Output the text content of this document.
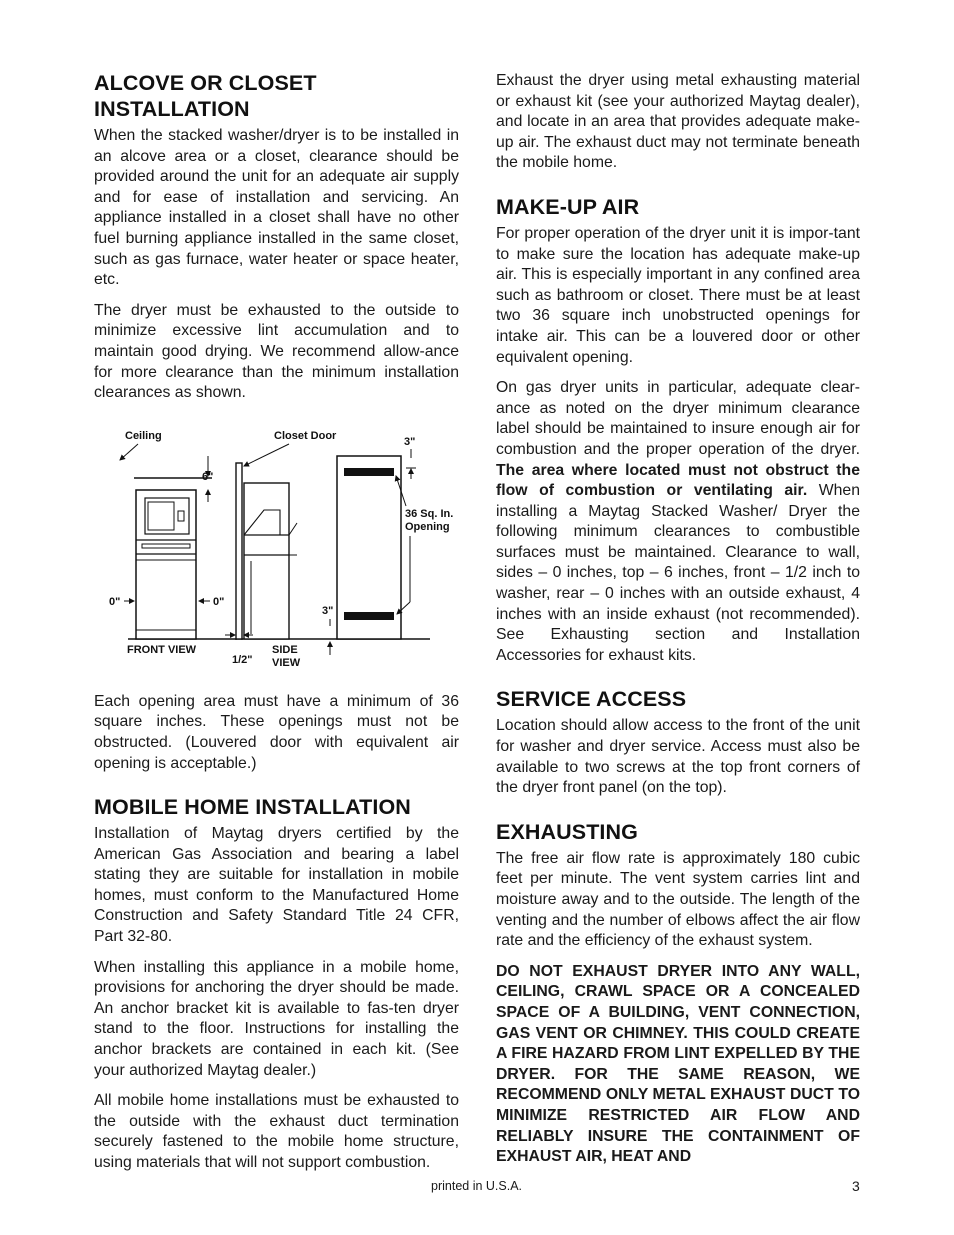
ALCOVE OR CLOSET
INSTALLATION

When the stacked washer/dryer is to be installed in an alcove area or a closet, clearance should be provided around the unit for an adequate air supply and for ease of installation and servicing. An appliance installed in a closet shall have no other fuel burning appliance installed in the same closet, such as gas furnace, water heater or space heater, etc.

The dryer must be exhausted to the outside to minimize excessive lint accumulation and to maintain good drying. We recommend allow-ance for more clearance than the minimum installation clearances as shown.

Ceiling
6"
0"	0"
FRONT VIEW
Closet Door
1/2"
SIDE
VIEW
3"
36 Sq. In.
Opening
3"

Each opening area must have a minimum of 36 square inches. These openings must not be obstructed. (Louvered door with equivalent air opening is acceptable.)

MOBILE HOME INSTALLATION

Installation of Maytag dryers certified by the American Gas Association and bearing a label stating they are suitable for installation in mobile homes, must conform to the Manufactured Home Construction and Safety Standard Title 24 CFR, Part 32-80.

When installing this appliance in a mobile home, provisions for anchoring the dryer should be made. An anchor bracket kit is available to fas-ten dryer stand to the floor. Instructions for installing the anchor brackets are contained in each kit. (See your authorized Maytag dealer.)

All mobile home installations must be exhausted to the outside with the exhaust duct termination securely fastened to the mobile home structure, using materials that will not support combustion.

Exhaust the dryer using metal exhausting material or exhaust kit (see your authorized Maytag dealer), and locate in an area that provides adequate make-up air. The exhaust duct may not terminate beneath the mobile home.

MAKE-UP AIR

For proper operation of the dryer unit it is impor-tant to make sure the location has adequate make-up air. This is especially important in any confined area such as bathroom or closet. There must be at least two 36 square inch unobstructed openings for intake air. This can be a louvered door or other equivalent opening.

On gas dryer units in particular, adequate clear-ance as noted on the dryer minimum clearance label should be maintained to insure enough air for combustion and the proper operation of the dryer. The area where located must not obstruct the flow of combustion or ventilating air. When installing a Maytag Stacked Washer/ Dryer the following minimum clearances to combustible surfaces must be maintained. Clearance to wall, sides – 0 inches, top – 6 inches, front – 1/2 inch to washer, rear – 0 inches with an outside exhaust, 4 inches with an inside exhaust (not recommended). See Exhausting section and Installation Accessories for exhaust kits.

SERVICE ACCESS

Location should allow access to the front of the unit for washer and dryer service. Access must also be available to two screws at the top front corners of the dryer front panel (on the top).

EXHAUSTING

The free air flow rate is approximately 180 cubic feet per minute. The vent system carries lint and moisture away and to the outside. The length of the venting and the number of elbows affect the air flow rate and the efficiency of the exhaust system.

DO NOT EXHAUST DRYER INTO ANY WALL, CEILING, CRAWL SPACE OR A CONCEALED SPACE OF A BUILDING, VENT CONNECTION, GAS VENT OR CHIMNEY. THIS COULD CREATE A FIRE HAZARD FROM LINT EXPELLED BY THE DRYER. FOR THE SAME REASON, WE RECOMMEND ONLY METAL EXHAUST DUCT TO MINIMIZE RESTRICTED AIR FLOW AND RELIABLY INSURE THE CONTAINMENT OF EXHAUST AIR, HEAT AND

printed in U.S.A.	3
